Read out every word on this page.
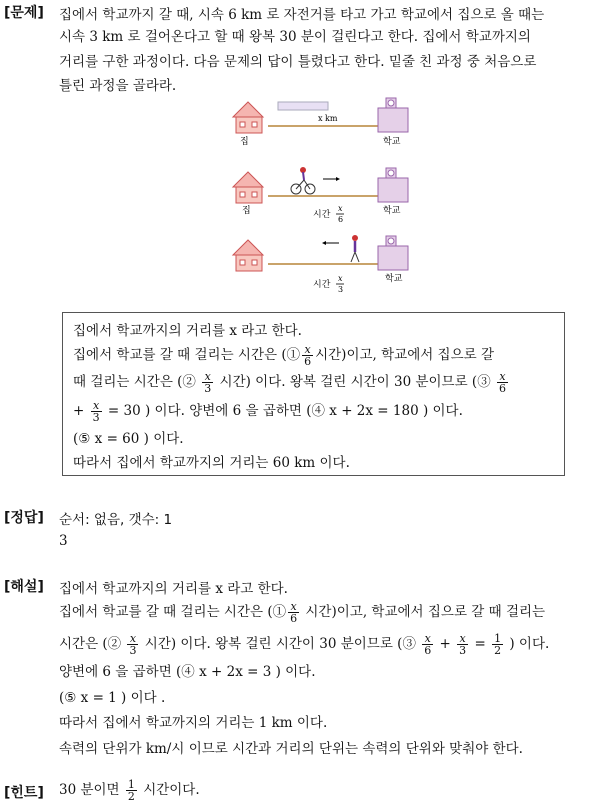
[문제] 집에서 학교까지 갈 때, 시속 6 km 로 자전거를 타고 가고 학교에서 집으로 올 때는
시속 3 km 로 걸어온다고 할 때 왕복 30 분이 걸린다고 한다. 집에서 학교까지의
거리를 구한 과정이다. 다음 문제의 답이 틀렸다고 한다. 밑줄 친 과정 중 처음으로
틀린 과정을 골라라.
x km
집	학교
집	시간
x
6
학교
시간
x
3
학교
집에서 학교까지의 거리를 x 라고 한다.
집에서 학교를 갈 때 걸리는 시간은 (① $\frac{x}{6}$ 시간)이고, 학교에서 집으로 갈
때 걸리는 시간은 (② $\frac{x}{3}$ 시간) 이다. 왕복 걸린 시간이 30 분이므로 (③ $\frac{x}{6}$
+ $\frac{x}{3} = 30$ ) 이다. 양변에 6 을 곱하면 (④ x + 2x = 180 ) 이다.
(⑤ x = 60 ) 이다.
따라서 집에서 학교까지의 거리는 60 km 이다.
[정답] 순서: 없음, 갯수: 1
3
[해설] 집에서 학교까지의 거리를 x 라고 한다.
집에서 학교를 갈 때 걸리는 시간은 (① $\frac{x}{6}$ 시간)이고, 학교에서 집으로 갈 때 걸리는
시간은 (② $\frac{x}{3}$ 시간) 이다. 왕복 걸린 시간이 30 분이므로 (③ $\frac{x}{6} + \frac{x}{3} = \frac{1}{2}$ ) 이다.
양변에 6 을 곱하면 (④ x + 2x = 3 ) 이다.
(⑤ x = 1 ) 이다 .
따라서 집에서 학교까지의 거리는 1 km 이다.
속력의 단위가 km/시 이므로 시간과 거리의 단위는 속력의 단위와 맞춰야 한다.
[힌트] 30 분이면 $\frac{1}{2}$ 시간이다.
